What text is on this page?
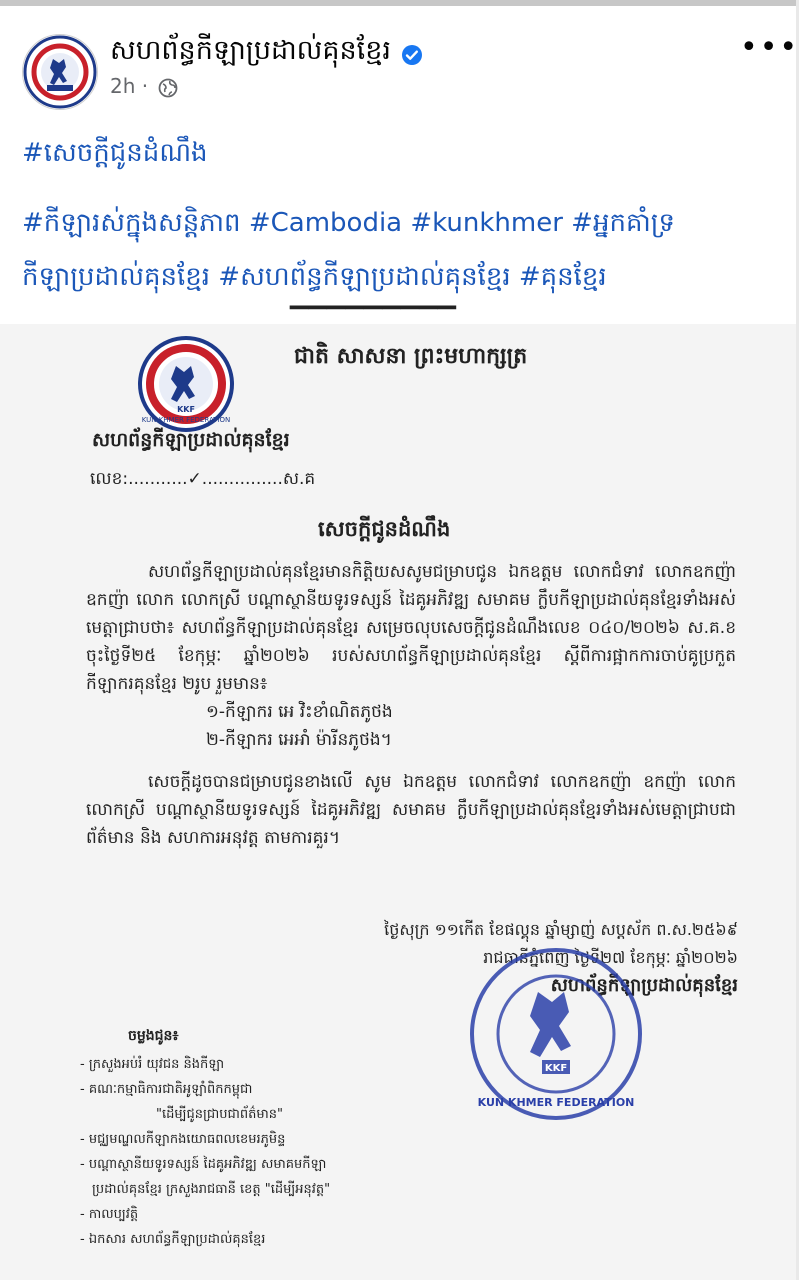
សហព័ន្ធកីឡាប្រដាល់គុនខ្មែរ
2h ·
•••
#សេចក្ដីជូនដំណឹង
#កីឡារស់ក្នុងសន្តិភាព #Cambodia #kunkhmer #អ្នកគាំទ្រ
កីឡាប្រដាល់គុនខ្មែរ #សហព័ន្ធកីឡាប្រដាល់គុនខ្មែរ #គុនខ្មែរ
▔▔▔▔▔▔▔▔▔
ជាតិ សាសនា ព្រះមហាក្សត្រ
KUN KHMER FEDERATION
KKF
សហព័ន្ធកីឡាប្រដាល់គុនខ្មែរ
លេខ:...........✓...............ស.គ
សេចក្ដីជូនដំណឹង

សហព័ន្ធកីឡាប្រដាល់គុនខ្មែរមានកិត្តិយសសូមជម្រាបជូន ឯកឧត្តម លោកជំទាវ លោកឧកញ៉ា ឧកញ៉ា លោក លោកស្រី បណ្ដាស្ថានីយទូរទស្សន៍ ដៃគូអភិវឌ្ឍ សមាគម ក្លឹបកីឡាប្រដាល់គុនខ្មែរទាំងអស់ មេត្តាជ្រាបថា៖ សហព័ន្ធកីឡាប្រដាល់គុនខ្មែរ សម្រេចលុបសេចក្ដីជូនដំណឹងលេខ ០៤០/២០២៦ ស.គ.ខ ចុះថ្ងៃទី២៥ ខែកុម្ភៈ ឆ្នាំ២០២៦ របស់សហព័ន្ធកីឡាប្រដាល់គុនខ្មែរ ស្ដីពីការផ្អាកការចាប់គូប្រកួត កីឡាករគុនខ្មែរ ២រូប រួមមាន៖

១-កីឡាករ អេ វិះខាំណិតភូថង

២-កីឡាករ អេអាំ ម៉ារីនភូថង។

សេចក្ដីដូចបានជម្រាបជូនខាងលើ សូម ឯកឧត្តម លោកជំទាវ លោកឧកញ៉ា ឧកញ៉ា លោក លោកស្រី បណ្ដាស្ថានីយទូរទស្សន៍ ដៃគូអភិវឌ្ឍ សមាគម ក្លឹបកីឡាប្រដាល់គុនខ្មែរទាំងអស់មេត្តាជ្រាបជាព័ត៌មាន និង សហការអនុវត្ត តាមការគួរ។

ថ្ងៃសុក្រ ១១កើត ខែផល្គុន ឆ្នាំម្សាញ់ សប្តស័ក ព.ស.២៥៦៩
រាជធានីភ្នំពេញ ថ្ងៃទី២៧ ខែកុម្ភៈ ឆ្នាំ២០២៦
សហព័ន្ធកីឡាប្រដាល់គុនខ្មែរ
KKF
KUN KHMER FEDERATION
ចម្លងជូន៖
- ក្រសួងអប់រំ យុវជន និងកីឡា
- គណៈកម្មាធិការជាតិអូឡាំពិកកម្ពុជា
"ដើម្បីជូនជ្រាបជាព័ត៌មាន"
- មជ្ឈមណ្ឌលកីឡាកងយោធពលខេមរភូមិន្ទ
- បណ្ដាស្ថានីយទូរទស្សន៍ ដៃគូអភិវឌ្ឍ សមាគមកីឡា
ប្រដាល់គុនខ្មែរ ក្រសួងរាជធានី ខេត្ត "ដើម្បីអនុវត្ត"
- កាលប្បវត្តិ
- ឯកសារ សហព័ន្ធកីឡាប្រដាល់គុនខ្មែរ
